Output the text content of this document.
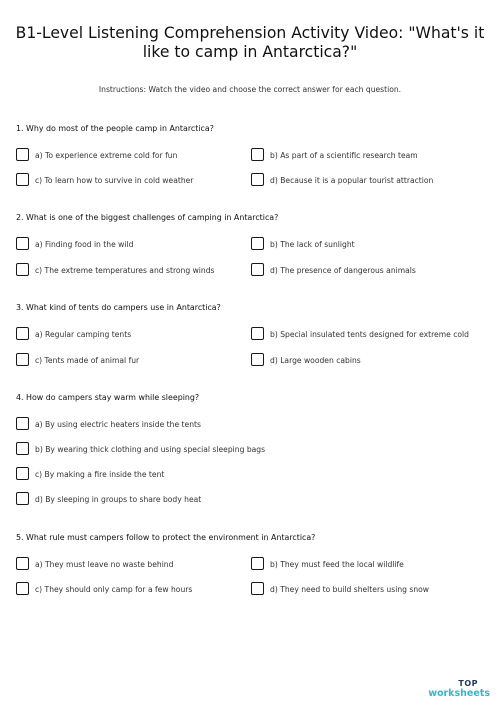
B1-Level Listening Comprehension Activity Video: "What's it
like to camp in Antarctica?"
Instructions: Watch the video and choose the correct answer for each question.
1. Why do most of the people camp in Antarctica?
a) To experience extreme cold for fun	b) As part of a scientific research team
c) To learn how to survive in cold weather	d) Because it is a popular tourist attraction
2. What is one of the biggest challenges of camping in Antarctica?
a) Finding food in the wild	b) The lack of sunlight
c) The extreme temperatures and strong winds	d) The presence of dangerous animals
3. What kind of tents do campers use in Antarctica?
a) Regular camping tents	b) Special insulated tents designed for extreme cold
c) Tents made of animal fur	d) Large wooden cabins
4. How do campers stay warm while sleeping?
a) By using electric heaters inside the tents
b) By wearing thick clothing and using special sleeping bags
c) By making a fire inside the tent
d) By sleeping in groups to share body heat
5. What rule must campers follow to protect the environment in Antarctica?
a) They must leave no waste behind	b) They must feed the local wildlife
c) They should only camp for a few hours	d) They need to build shelters using snow
TOP
worksheets
